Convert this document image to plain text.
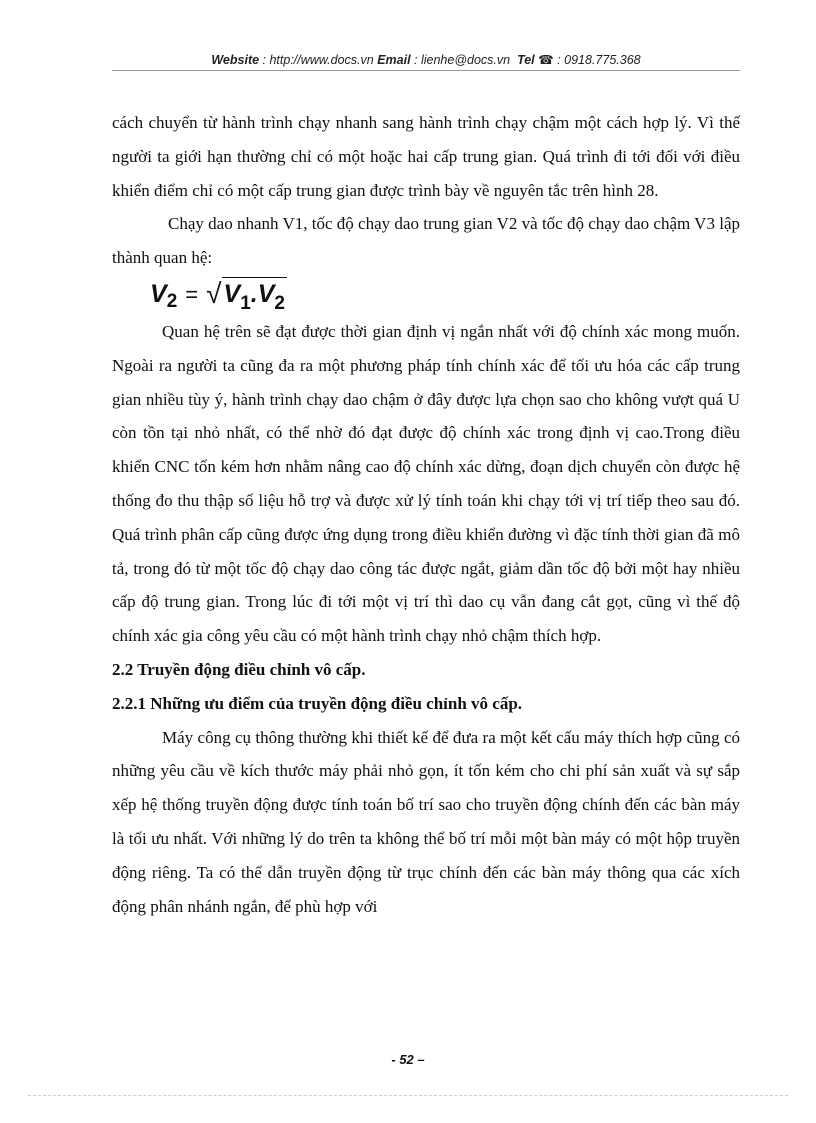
Website : http://www.docs.vn Email : lienhe@docs.vn Tel ☎ : 0918.775.368

cách chuyển từ hành trình chạy nhanh sang hành trình chạy chậm một cách hợp lý. Vì thế người ta giới hạn thường chỉ có một hoặc hai cấp trung gian. Quá trình đi tới đối với điều khiển điểm chỉ có một cấp trung gian được trình bày về nguyên tắc trên hình 28.

Chạy dao nhanh V1, tốc độ chạy dao trung gian V2 và tốc độ chạy dao chậm V3 lập thành quan hệ:

V 2 = √ V 1 . V 2

Quan hệ trên sẽ đạt được thời gian định vị ngắn nhất với độ chính xác mong muốn. Ngoài ra người ta cũng đa ra một phương pháp tính chính xác để tối ưu hóa các cấp trung gian nhiều tùy ý, hành trình chạy dao chậm ở đây được lựa chọn sao cho không vượt quá U còn tồn tại nhỏ nhất, có thể nhờ đó đạt được độ chính xác trong định vị cao.Trong điều khiển CNC tốn kém hơn nhằm nâng cao độ chính xác dừng, đoạn dịch chuyển còn được hệ thống đo thu thập số liệu hỗ trợ và được xử lý tính toán khi chạy tới vị trí tiếp theo sau đó. Quá trình phân cấp cũng được ứng dụng trong điều khiển đường vì đặc tính thời gian đã mô tả, trong đó từ một tốc độ chạy dao công tác được ngắt, giảm dần tốc độ bởi một hay nhiều cấp độ trung gian. Trong lúc đi tới một vị trí thì dao cụ vẫn đang cắt gọt, cũng vì thế độ chính xác gia công yêu cầu có một hành trình chạy nhỏ chậm thích hợp.

2.2 Truyền động điều chỉnh vô cấp.
2.2.1 Những ưu điểm của truyền động điều chỉnh vô cấp.

Máy công cụ thông thường khi thiết kế để đưa ra một kết cấu máy thích hợp cũng có những yêu cầu về kích thước máy phải nhỏ gọn, ít tốn kém cho chi phí sản xuất và sự sắp xếp hệ thống truyền động được tính toán bố trí sao cho truyền động chính đến các bàn máy là tối ưu nhất. Với những lý do trên ta không thể bố trí mỗi một bàn máy có một hộp truyền động riêng. Ta có thể dẫn truyền động từ trục chính đến các bàn máy thông qua các xích động phân nhánh ngắn, để phù hợp với

- 52 –
